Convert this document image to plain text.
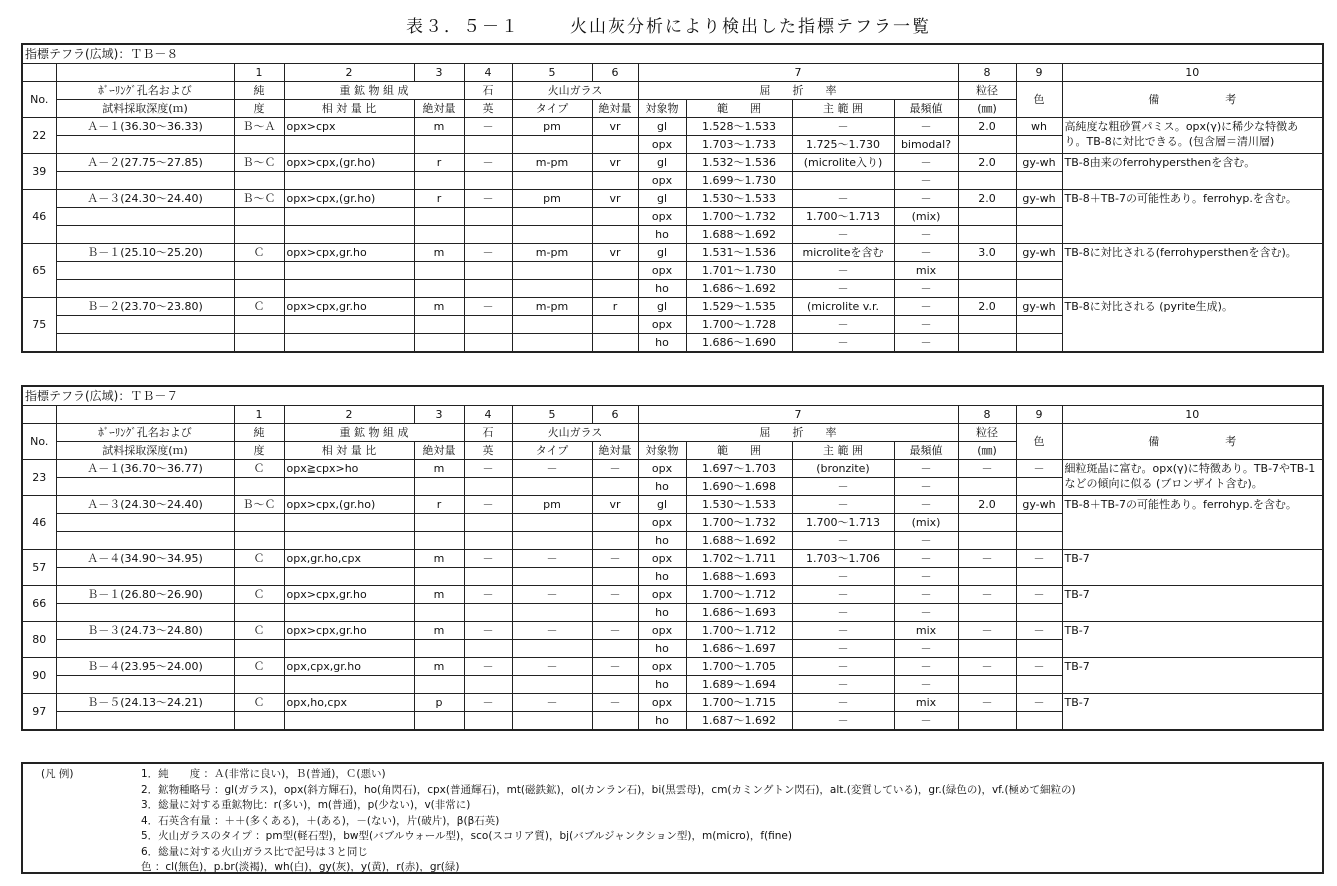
表３．５－１	火山灰分析により検出した指標テフラ一覧
指標テフラ(広域)：ＴＢ－８														
		1	2	3	4	5	6	7				8	9	10
No.	ﾎﾞｰﾘﾝｸﾞ孔名および	純	重 鉱 物 組 成		石	火山ガラス		屈　　折　　率				粒径	色	備　　　　　　考
	試料採取深度(ｍ)	度	相 対 量 比	絶対量	英	タイプ	絶対量	対象物	範　　囲	主 範 囲	最頻値	(㎜)		
22	Ａ－１(36.30～36.33)	Ｂ～Ａ	opx>cpx	m	－	pm	vr	gl	1.528～1.533	－	－	2.0	wh	高純度な粗砂質パミス。opx(γ)に稀少な特徴あり。TB-8に対比できる。(包含層＝清川層)
								opx	1.703～1.733	1.725～1.730	bimodal?			
39	Ａ－２(27.75～27.85)	Ｂ～Ｃ	opx>cpx,(gr.ho)	r	－	m-pm	vr	gl	1.532～1.536	(microlite入り)	－	2.0	gy-wh	TB-8由来のferrohypersthenを含む。
								opx	1.699～1.730		－			
46	Ａ－３(24.30～24.40)	Ｂ～Ｃ	opx>cpx,(gr.ho)	r	－	pm	vr	gl	1.530～1.533	－	－	2.0	gy-wh	TB-8＋TB-7の可能性あり。ferrohyp.を含む。
								opx	1.700～1.732	1.700～1.713	(mix)			
								ho	1.688～1.692	－	－			
65	Ｂ－１(25.10～25.20)	Ｃ	opx>cpx,gr.ho	m	－	m-pm	vr	gl	1.531～1.536	microliteを含む	－	3.0	gy-wh	TB-8に対比される(ferrohypersthenを含む)。
								opx	1.701～1.730	－	mix			
								ho	1.686～1.692	－	－			
75	Ｂ－２(23.70～23.80)	Ｃ	opx>cpx,gr.ho	m	－	m-pm	r	gl	1.529～1.535	(microlite v.r.	－	2.0	gy-wh	TB-8に対比される (pyrite生成)。
								opx	1.700～1.728	－	－			
								ho	1.686～1.690	－	－			
指標テフラ(広域)：ＴＢ－７														
		1	2	3	4	5	6	7				8	9	10
No.	ﾎﾞｰﾘﾝｸﾞ孔名および	純	重 鉱 物 組 成		石	火山ガラス		屈　　折　　率				粒径	色	備　　　　　　考
	試料採取深度(ｍ)	度	相 対 量 比	絶対量	英	タイプ	絶対量	対象物	範　　囲	主 範 囲	最頻値	(㎜)		
23	Ａ－１(36.70～36.77)	Ｃ	opx≧cpx>ho	m	－	－	－	opx	1.697～1.703	(bronzite)	－	－	－	細粒斑晶に富む。opx(γ)に特徴あり。TB-7やTB-1などの傾向に似る (ブロンザイト含む)。
								ho	1.690～1.698	－	－			
46	Ａ－３(24.30～24.40)	Ｂ～Ｃ	opx>cpx,(gr.ho)	r	－	pm	vr	gl	1.530～1.533	－	－	2.0	gy-wh	TB-8＋TB-7の可能性あり。ferrohyp.を含む。
								opx	1.700～1.732	1.700～1.713	(mix)			
								ho	1.688～1.692	－	－			
57	Ａ－４(34.90～34.95)	Ｃ	opx,gr.ho,cpx	m	－	－	－	opx	1.702～1.711	1.703～1.706	－	－	－	TB-7
								ho	1.688～1.693	－	－			
66	Ｂ－１(26.80～26.90)	Ｃ	opx>cpx,gr.ho	m	－	－	－	opx	1.700～1.712	－	－	－	－	TB-7
								ho	1.686～1.693	－	－			
80	Ｂ－３(24.73～24.80)	Ｃ	opx>cpx,gr.ho	m	－	－	－	opx	1.700～1.712	－	mix	－	－	TB-7
								ho	1.686～1.697	－	－			
90	Ｂ－４(23.95～24.00)	Ｃ	opx,cpx,gr.ho	m	－	－	－	opx	1.700～1.705	－	－	－	－	TB-7
								ho	1.689～1.694	－	－			
97	Ｂ－５(24.13～24.21)	Ｃ	opx,ho,cpx	p	－	－	－	opx	1.700～1.715	－	mix	－	－	TB-7
								ho	1.687～1.692	－	－			
(凡 例)	1．純　　度 ：Ａ(非常に良い)，Ｂ(普通)，Ｃ(悪い)
2．鉱物種略号 ：gl(ガラス)，opx(斜方輝石)，ho(角閃石)，cpx(普通輝石)，mt(磁鉄鉱)，ol(カンラン石)，bi(黒雲母)，cm(カミングトン閃石)，alt.(変質している)，gr.(緑色の)，vf.(極めて細粒の)
3．総量に対する重鉱物比：r(多い)，m(普通)，p(少ない)，v(非常に)
4．石英含有量 ：＋＋(多くある)，＋(ある)，－(ない)，片(破片)，β(β石英)
5．火山ガラスのタイプ ：pm型(軽石型)，bw型(バブルウォール型)，sco(スコリア質)，bj(バブルジャンクション型)，m(micro)，f(fine)
6．総量に対する火山ガラス比で記号は３と同じ
色 ：cl(無色)，p.br(淡褐)，wh(白)，gy(灰)，y(黄)，r(赤)，gr(緑)
